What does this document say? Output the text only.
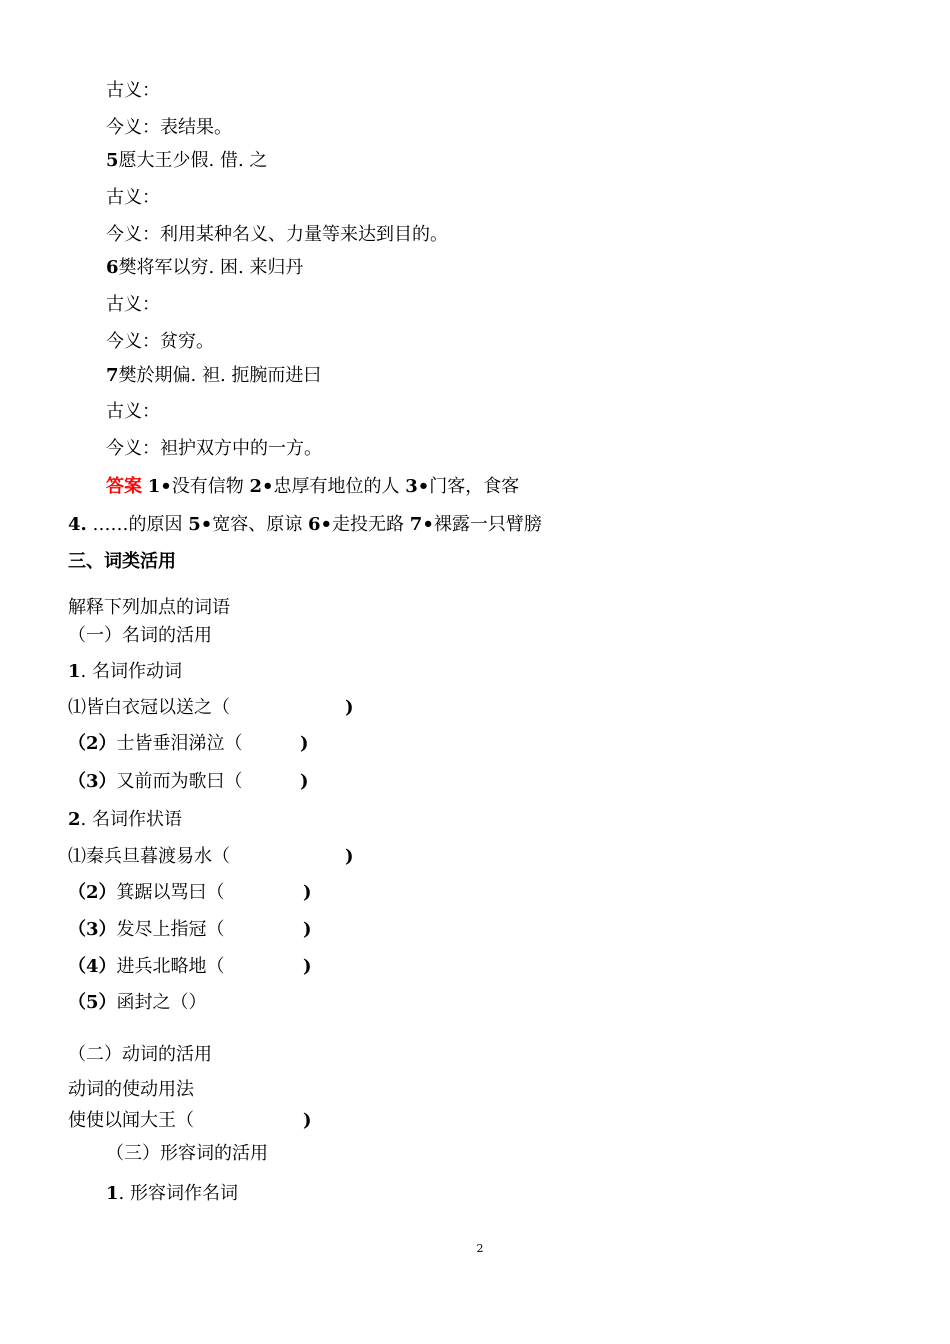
古义：
今义：表结果。
5愿大王少假. 借. 之
古义：
今义：利用某种名义、力量等来达到目的。
6樊将军以穷. 困. 来归丹
古义：
今义：贫穷。
7樊於期偏. 袒. 扼腕而进曰
古义：
今义：袒护双方中的一方。
答案 1•没有信物 2•忠厚有地位的人 3•门客，食客
4. ……的原因 5•宽容、原谅 6•走投无路 7•裸露一只臂膀
三、词类活用
解释下列加点的词语
（一）名词的活用
1. 名词作动词
⑴皆白衣冠以送之（	)
（2）士皆垂泪涕泣（	)
（3）又前而为歌曰（	)
2. 名词作状语
⑴秦兵旦暮渡易水（	)
（2）箕踞以骂曰（	)
（3）发尽上指冠（	)
（4）进兵北略地（	)
（5）函封之（）
（二）动词的活用
动词的使动用法
使使以闻大王（	)
（三）形容词的活用
1. 形容词作名词
2
